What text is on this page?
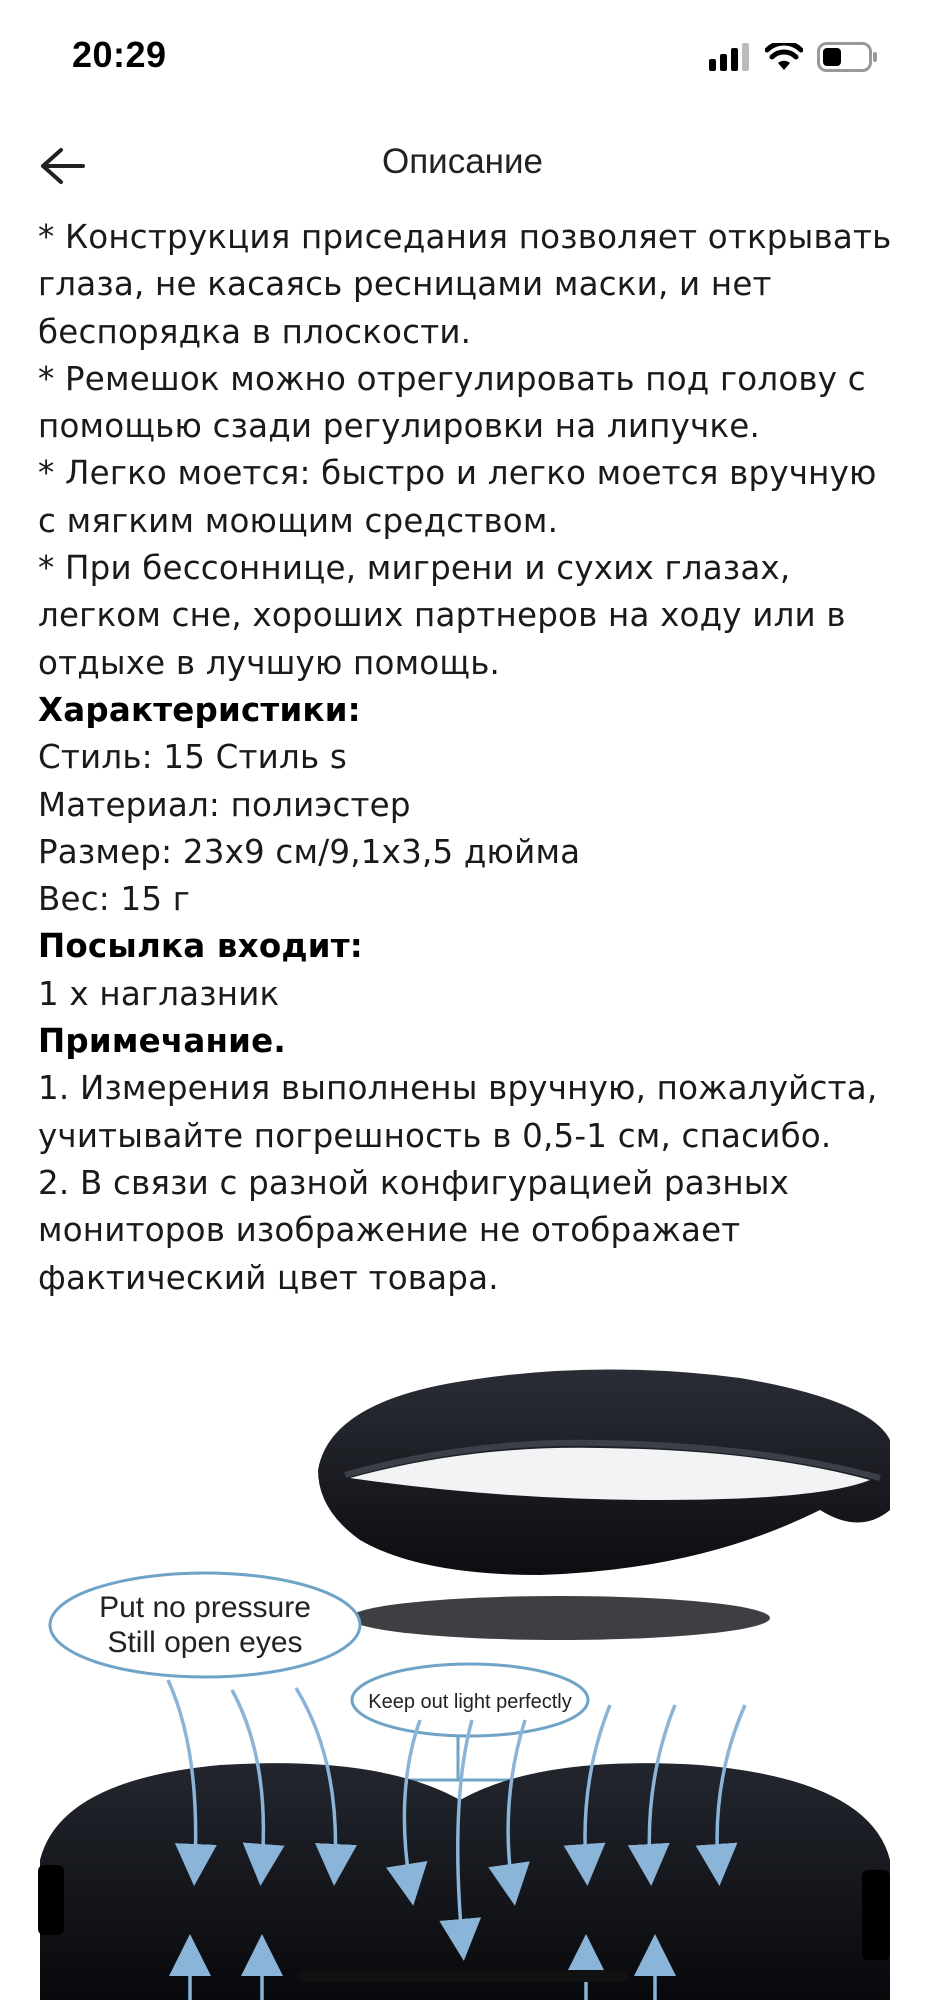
20:29
Описание

* Конструкция приседания позволяет открывать глаза, не касаясь ресницами маски, и нет беспорядка в плоскости.

* Ремешок можно отрегулировать под голову с помощью сзади регулировки на липучке.

* Легко моется: быстро и легко моется вручную с мягким моющим средством.

* При бессоннице, мигрени и сухих глазах, легком сне, хороших партнеров на ходу или в отдыхе в лучшую помощь.

Характеристики:

Стиль: 15 Стиль s

Материал: полиэстер

Размер: 23x9 см/9,1x3,5 дюйма

Вес: 15 г

Посылка входит:

1 x наглазник

Примечание.

1. Измерения выполнены вручную, пожалуйста, учитывайте погрешность в 0,5-1 см, спасибо.

2. В связи с разной конфигурацией разных мониторов изображение не отображает фактический цвет товара.

Put no pressure
Still open eyes
Keep out light perfectly
